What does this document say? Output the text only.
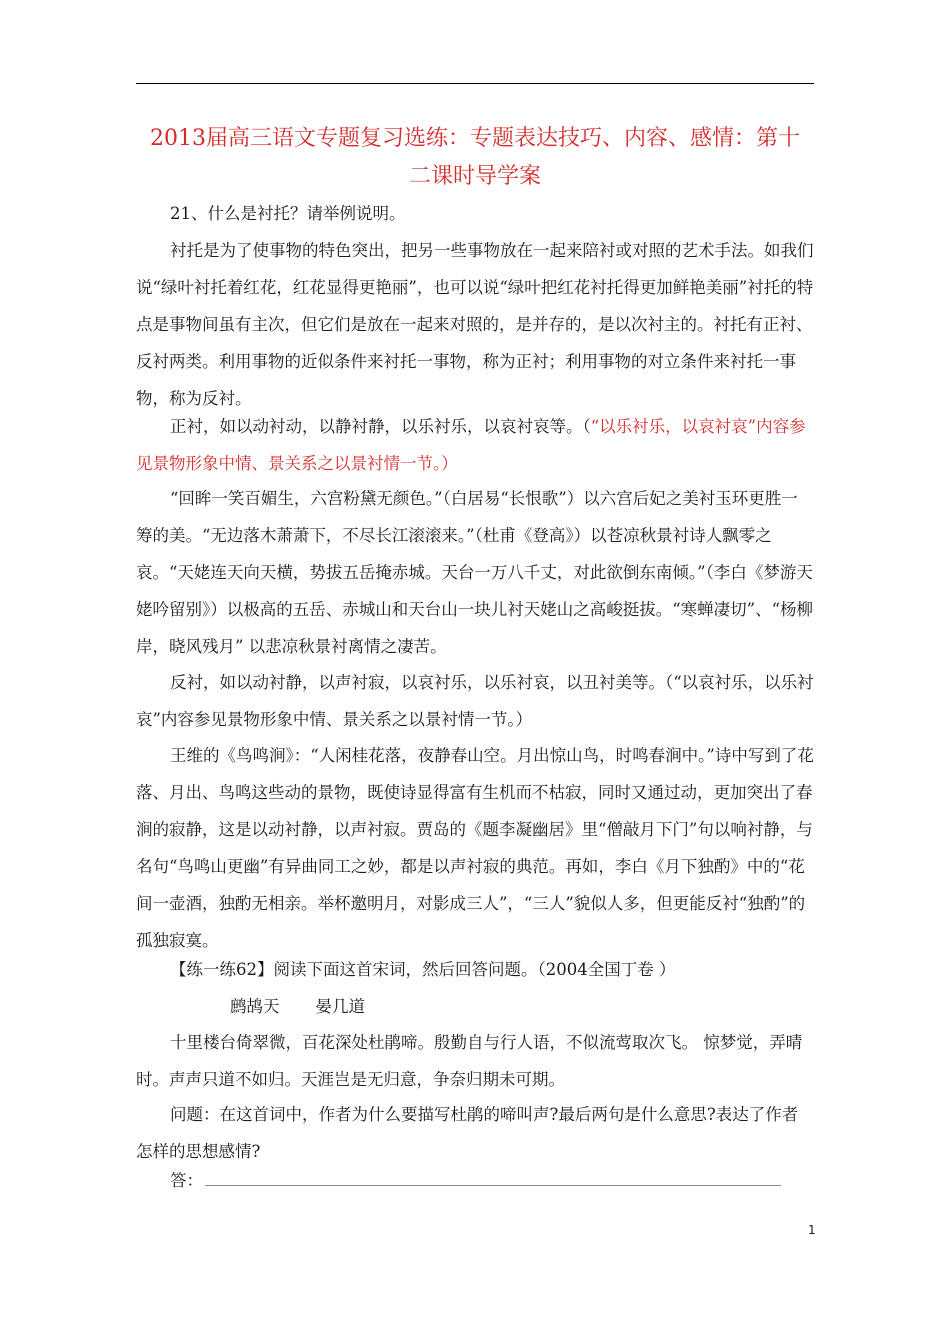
2013届高三语文专题复习选练：专题表达技巧、内容、感情：第十
二课时导学案
21、什么是衬托？请举例说明。
衬托是为了使事物的特色突出，把另一些事物放在一起来陪衬或对照的艺术手法。如我们说“绿叶衬托着红花，红花显得更艳丽”，也可以说“绿叶把红花衬托得更加鲜艳美丽”衬托的特点是事物间虽有主次，但它们是放在一起来对照的，是并存的，是以次衬主的。衬托有正衬、反衬两类。利用事物的近似条件来衬托一事物，称为正衬；利用事物的对立条件来衬托一事物，称为反衬。
正衬，如以动衬动，以静衬静，以乐衬乐，以哀衬哀等。（“以乐衬乐，以哀衬哀”内容参见景物形象中情、景关系之以景衬情一节。）
“回眸一笑百媚生，六宫粉黛无颜色。”（白居易“长恨歌”）以六宫后妃之美衬玉环更胜一筹的美。“无边落木萧萧下，不尽长江滚滚来。”（杜甫《登高》）以苍凉秋景衬诗人飘零之哀。“天姥连天向天横，势拔五岳掩赤城。天台一万八千丈，对此欲倒东南倾。”（李白《梦游天姥吟留别》）以极高的五岳、赤城山和天台山一块儿衬天姥山之高峻挺拔。“寒蝉凄切”、“杨柳岸，晓风残月” 以悲凉秋景衬离情之凄苦。
反衬，如以动衬静，以声衬寂，以哀衬乐，以乐衬哀，以丑衬美等。（“以哀衬乐，以乐衬哀”内容参见景物形象中情、景关系之以景衬情一节。）
王维的《鸟鸣涧》：“人闲桂花落，夜静春山空。月出惊山鸟，时鸣春涧中。”诗中写到了花落、月出、鸟鸣这些动的景物，既使诗显得富有生机而不枯寂，同时又通过动，更加突出了春涧的寂静，这是以动衬静，以声衬寂。贾岛的《题李凝幽居》里“僧敲月下门”句以响衬静，与名句“鸟鸣山更幽”有异曲同工之妙，都是以声衬寂的典范。再如，李白《月下独酌》中的“花间一壶酒，独酌无相亲。举杯邀明月，对影成三人”，“三人”貌似人多，但更能反衬“独酌”的孤独寂寞。
【练一练62】阅读下面这首宋词，然后回答问题。（2004全国丁卷 ）
鹧鸪天 晏几道
十里楼台倚翠微，百花深处杜鹃啼。殷勤自与行人语，不似流莺取次飞。 惊梦觉，弄晴时。声声只道不如归。天涯岂是无归意，争奈归期未可期。
问题：在这首词中，作者为什么要描写杜鹃的啼叫声?最后两句是什么意思?表达了作者怎样的思想感情?
答：
1
